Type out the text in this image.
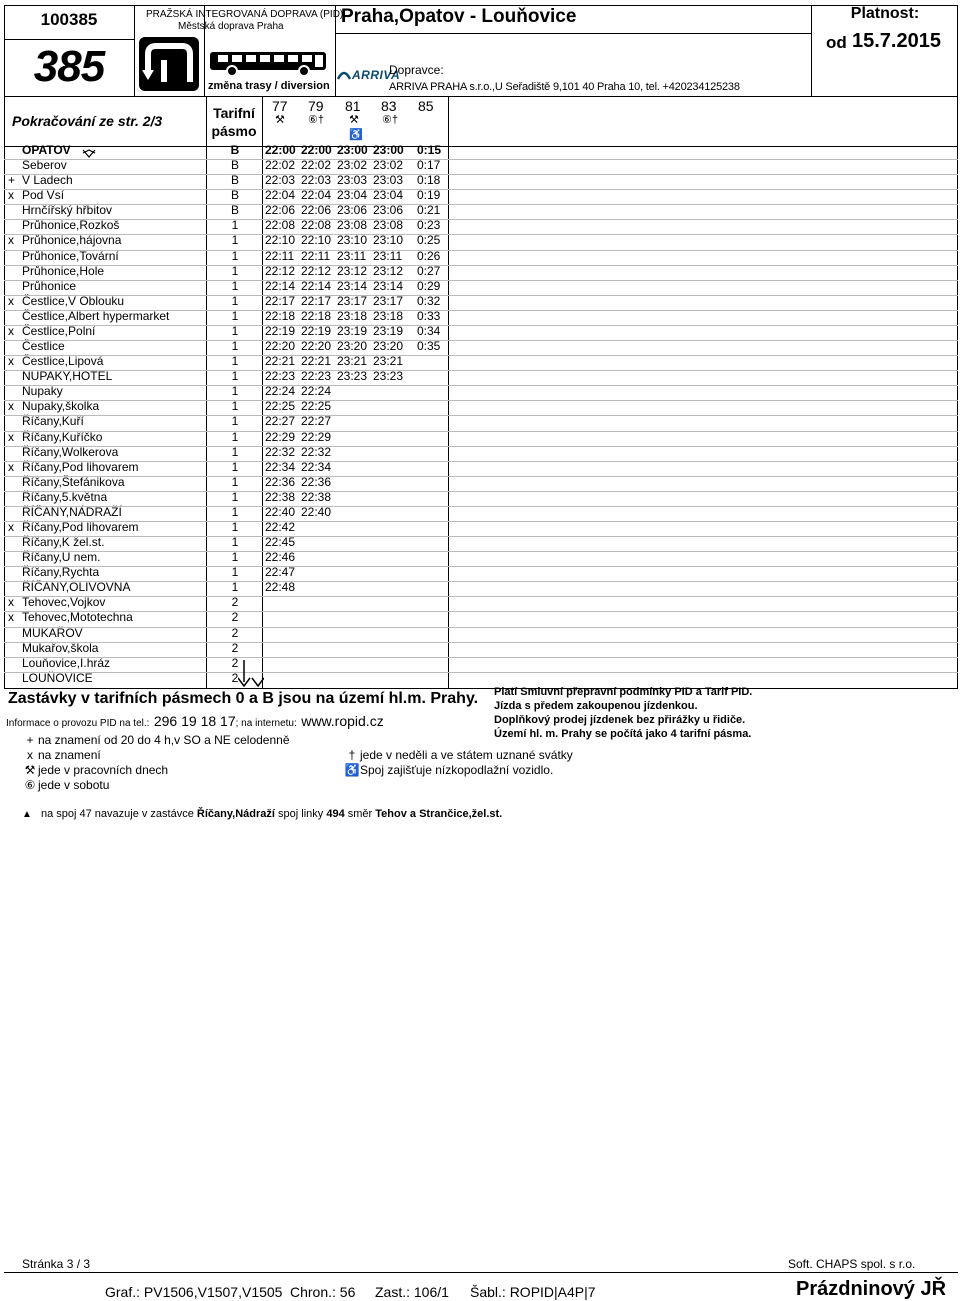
100385
385
PRAŽSKÁ INTEGROVANÁ DOPRAVA (PID)
Městská doprava Praha
změna trasy / diversion
Praha,Opatov - Louňovice
ARRIVA
Dopravce:
ARRIVA PRAHA s.r.o.,U Seřadiště 9,101 40 Praha 10, tel. +420234125238
Platnost:
od 15.7.2015
Pokračování ze str. 2/3	Tarifní
pásmo
77 79 81 83 85
⚒ ⑥† ⚒ ⑥†
♿
OPATOV	B 22:00 22:00 23:00 23:00	0:15
Seberov	B 22:02 22:02 23:02 23:02	0:17
+ V Ladech	B 22:03 22:03 23:03 23:03	0:18
x Pod Vsí	B 22:04 22:04 23:04 23:04	0:19
Hrnčířský hřbitov	B 22:06 22:06 23:06 23:06	0:21
Průhonice,Rozkoš	1	22:08 22:08 23:08 23:08	0:23
x Průhonice,hájovna	1	22:10 22:10 23:10 23:10	0:25
Průhonice,Tovární	1	22:11 22:11 23:11 23:11	0:26
Průhonice,Hole	1	22:12 22:12 23:12 23:12	0:27
Průhonice	1	22:14 22:14 23:14 23:14	0:29
x Čestlice,V Oblouku	1	22:17 22:17 23:17 23:17	0:32
Čestlice,Albert hypermarket	1	22:18 22:18 23:18 23:18	0:33
x Čestlice,Polní	1	22:19 22:19 23:19 23:19	0:34
Čestlice	1	22:20 22:20 23:20 23:20	0:35
x Čestlice,Lipová	1	22:21 22:21 23:21 23:21
NUPAKY,HOTEL	1	22:23 22:23 23:23 23:23
Nupaky	1	22:24 22:24
x Nupaky,školka	1	22:25 22:25
Říčany,Kuří	1	22:27 22:27
x Říčany,Kuříčko	1	22:29 22:29
Říčany,Wolkerova	1	22:32 22:32
x Říčany,Pod lihovarem	1	22:34 22:34
Říčany,Štefánikova	1	22:36 22:36
Říčany,5.května	1	22:38 22:38
ŘÍČANY,NÁDRAŽÍ	1	22:40 22:40
x Říčany,Pod lihovarem	1	22:42
Říčany,K žel.st.	1	22:45
Říčany,U nem.	1	22:46
Říčany,Rychta	1	22:47
ŘÍČANY,OLIVOVNA	1	22:48
x Tehovec,Vojkov	2
x Tehovec,Mototechna	2
MUKAŘOV	2
Mukařov,škola	2
Louňovice,I.hráz	2
LOUŇOVICE	2
Zastávky v tarifních pásmech 0 a B jsou na území hl.m. Prahy.
Informace o provozu PID na tel.: 296 19 18 17; na internetu: www.ropid.cz
Platí Smluvní přepravní podmínky PID a Tarif PID.
Jízda s předem zakoupenou jízdenkou.
Doplňkový prodej jízdenek bez přirážky u řidiče.
Území hl. m. Prahy se počítá jako 4 tarifní pásma.
+ na znamení od 20 do 4 h,v SO a NE celodenně
x na znamení
⚒ jede v pracovních dnech
⑥ jede v sobotu
† jede v neděli a ve státem uznané svátky
♿ Spoj zajišťuje nízkopodlažní vozidlo.
▲ na spoj 47 navazuje v zastávce Říčany,Nádraží spoj linky 494 směr Tehov a Strančice,žel.st.
Stránka 3 / 3	Soft. CHAPS spol. s r.o.
Graf.: PV1506,V1507,V1505 Chron.: 56 Zast.: 106/1 Šabl.: ROPID|A4P|7	Prázdninový JŘ
